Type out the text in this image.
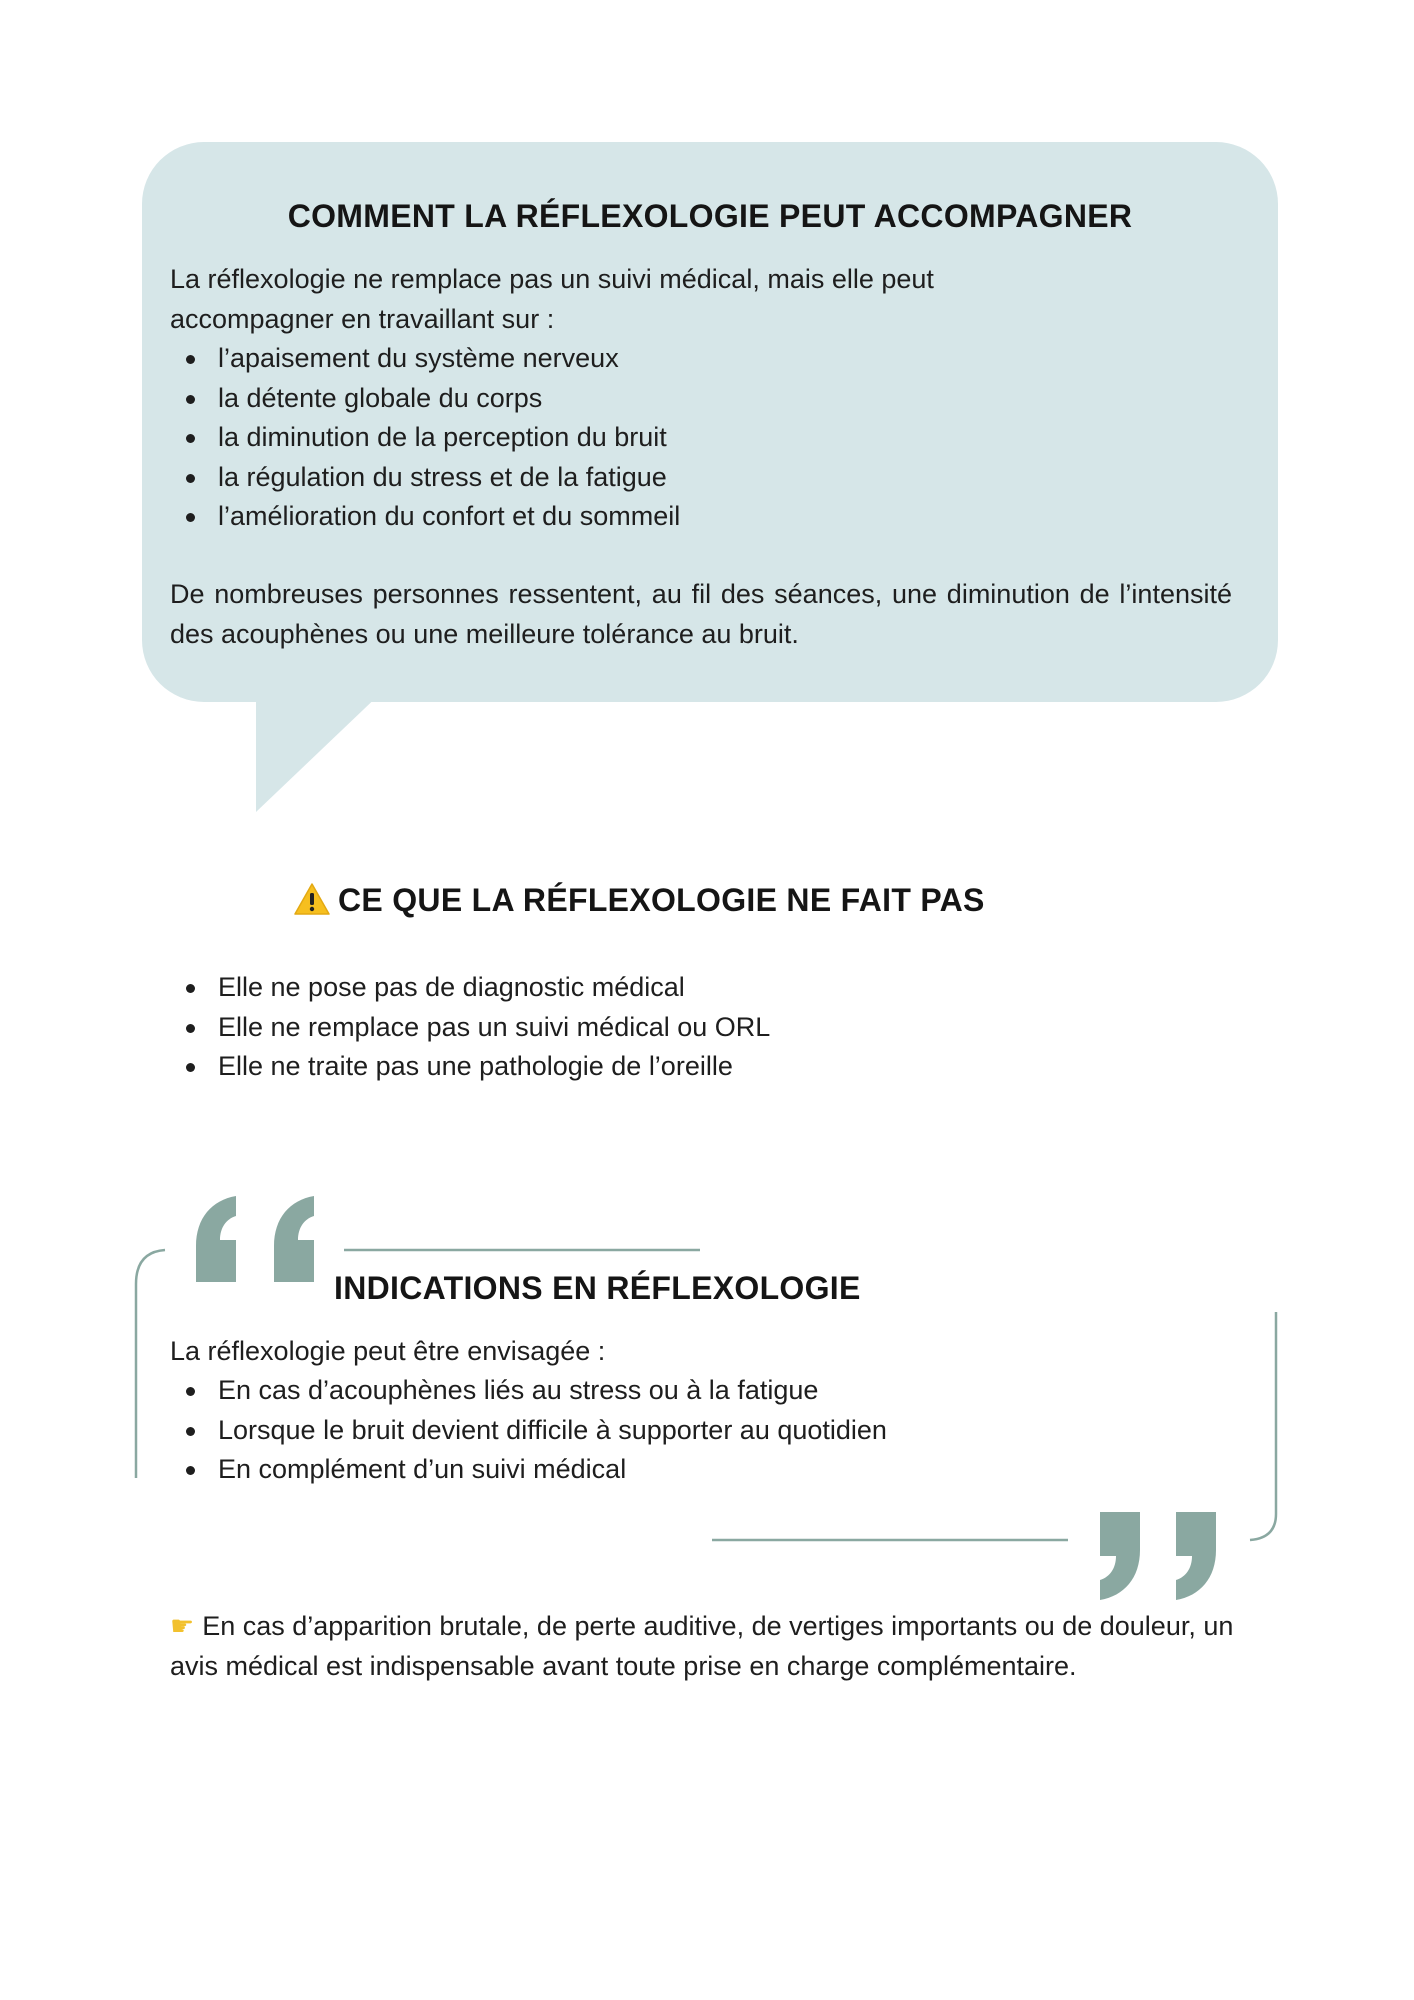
COMMENT LA RÉFLEXOLOGIE PEUT ACCOMPAGNER

La réflexologie ne remplace pas un suivi médical, mais elle peut accompagner en travaillant sur :

l’apaisement du système nerveux
la détente globale du corps
la diminution de la perception du bruit
la régulation du stress et de la fatigue
l’amélioration du confort et du sommeil

De nombreuses personnes ressentent, au fil des séances, une diminution de l’intensité des acouphènes ou une meilleure tolérance au bruit.

CE QUE LA RÉFLEXOLOGIE NE FAIT PAS
Elle ne pose pas de diagnostic médical
Elle ne remplace pas un suivi médical ou ORL
Elle ne traite pas une pathologie de l’oreille
INDICATIONS EN RÉFLEXOLOGIE

La réflexologie peut être envisagée :

En cas d’acouphènes liés au stress ou à la fatigue
Lorsque le bruit devient difficile à supporter au quotidien
En complément d’un suivi médical

☛ En cas d’apparition brutale, de perte auditive, de vertiges importants ou de douleur, un avis médical est indispensable avant toute prise en charge complémentaire.
